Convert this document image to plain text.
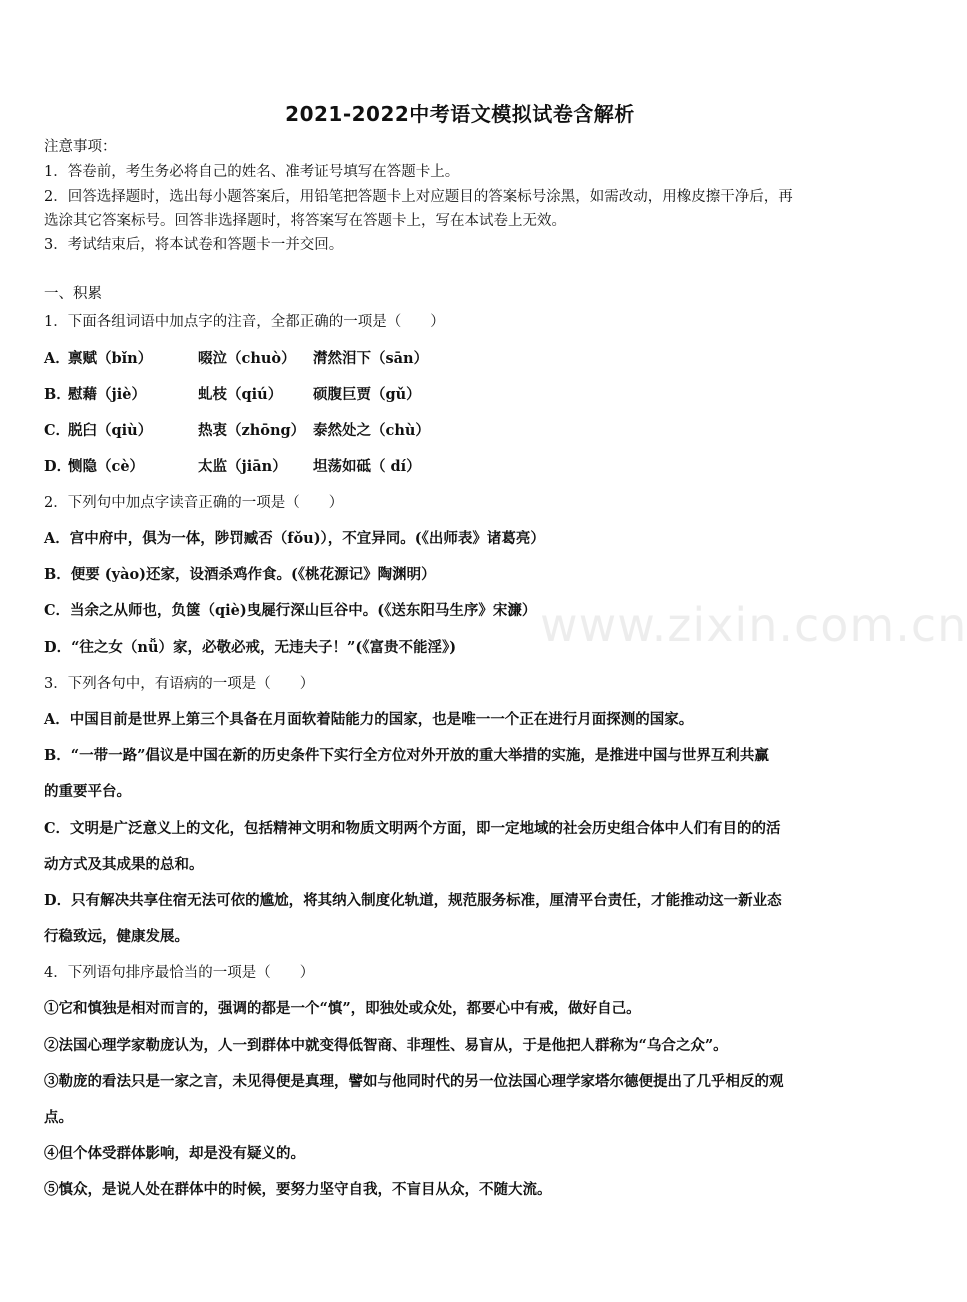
2021-2022中考语文模拟试卷含解析
注意事项：
1．答卷前，考生务必将自己的姓名、准考证号填写在答题卡上。
2．回答选择题时，选出每小题答案后，用铅笔把答题卡上对应题目的答案标号涂黑，如需改动，用橡皮擦干净后，再
选涂其它答案标号。回答非选择题时，将答案写在答题卡上，写在本试卷上无效。
3．考试结束后，将本试卷和答题卡一并交回。
一、积累
1．下面各组词语中加点字的注音，全都正确的一项是（　　）
A．禀赋（bǐn）	啜泣（chuò） 潸然泪下（sān）
B．慰藉（jiè）	虬枝（qiú） 硕腹巨贾（gǔ）
C．脱臼（qiù）	热衷（zhōng） 泰然处之（chù）
D．恻隐（cè）	太监（jiān） 坦荡如砥（ dí）
2．下列句中加点字读音正确的一项是（　　）
A．宫中府中，俱为一体，陟罚臧否（fǒu)），不宜异同。(《出师表》诸葛亮）
B．便要 (yào)还家，设酒杀鸡作食。(《桃花源记》陶渊明）
C．当余之从师也，负箧（qiè)曳屣行深山巨谷中。(《送东阳马生序》宋濂）
D．“往之女（nǚ）家，必敬必戒，无违夫子！”(《富贵不能淫》)
3．下列各句中，有语病的一项是（　　）
A．中国目前是世界上第三个具备在月面软着陆能力的国家，也是唯一一个正在进行月面探测的国家。
B．“一带一路”倡议是中国在新的历史条件下实行全方位对外开放的重大举措的实施，是推进中国与世界互利共赢
的重要平台。
C．文明是广泛意义上的文化，包括精神文明和物质文明两个方面，即一定地域的社会历史组合体中人们有目的的活
动方式及其成果的总和。
D．只有解决共享住宿无法可依的尴尬，将其纳入制度化轨道，规范服务标准，厘清平台责任，才能推动这一新业态
行稳致远，健康发展。
4．下列语句排序最恰当的一项是（　　）
①它和慎独是相对而言的，强调的都是一个“慎”，即独处或众处，都要心中有戒，做好自己。
②法国心理学家勒庞认为，人一到群体中就变得低智商、非理性、易盲从，于是他把人群称为“乌合之众”。
③勒庞的看法只是一家之言，未见得便是真理，譬如与他同时代的另一位法国心理学家塔尔德便提出了几乎相反的观
点。
④但个体受群体影响，却是没有疑义的。
⑤慎众，是说人处在群体中的时候，要努力坚守自我，不盲目从众，不随大流。
www.zixin.com.cn
